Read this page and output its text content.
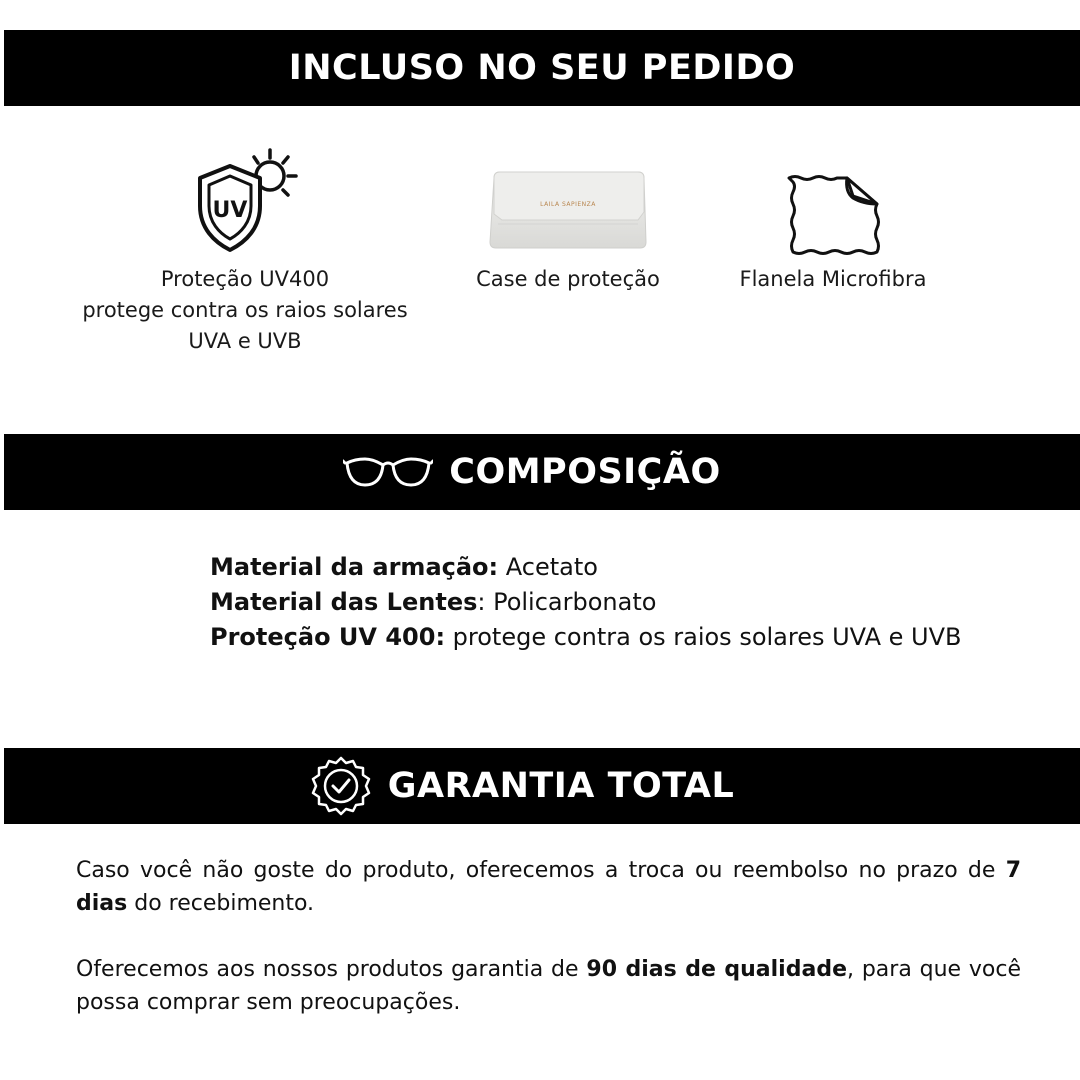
INCLUSO NO SEU PEDIDO
UV
Proteção UV400
protege contra os raios solares
UVA e UVB
LAILA SAPIENZA
Case de proteção	Flanela Microfibra
COMPOSIÇÃO
Material da armação: Acetato
Material das Lentes: Policarbonato
Proteção UV 400: protege contra os raios solares UVA e UVB
GARANTIA TOTAL
Caso você não goste do produto, oferecemos a troca ou reembolso no prazo de 7 dias do recebimento.
Oferecemos aos nossos produtos garantia de 90 dias de qualidade, para que você possa comprar sem preocupações.
